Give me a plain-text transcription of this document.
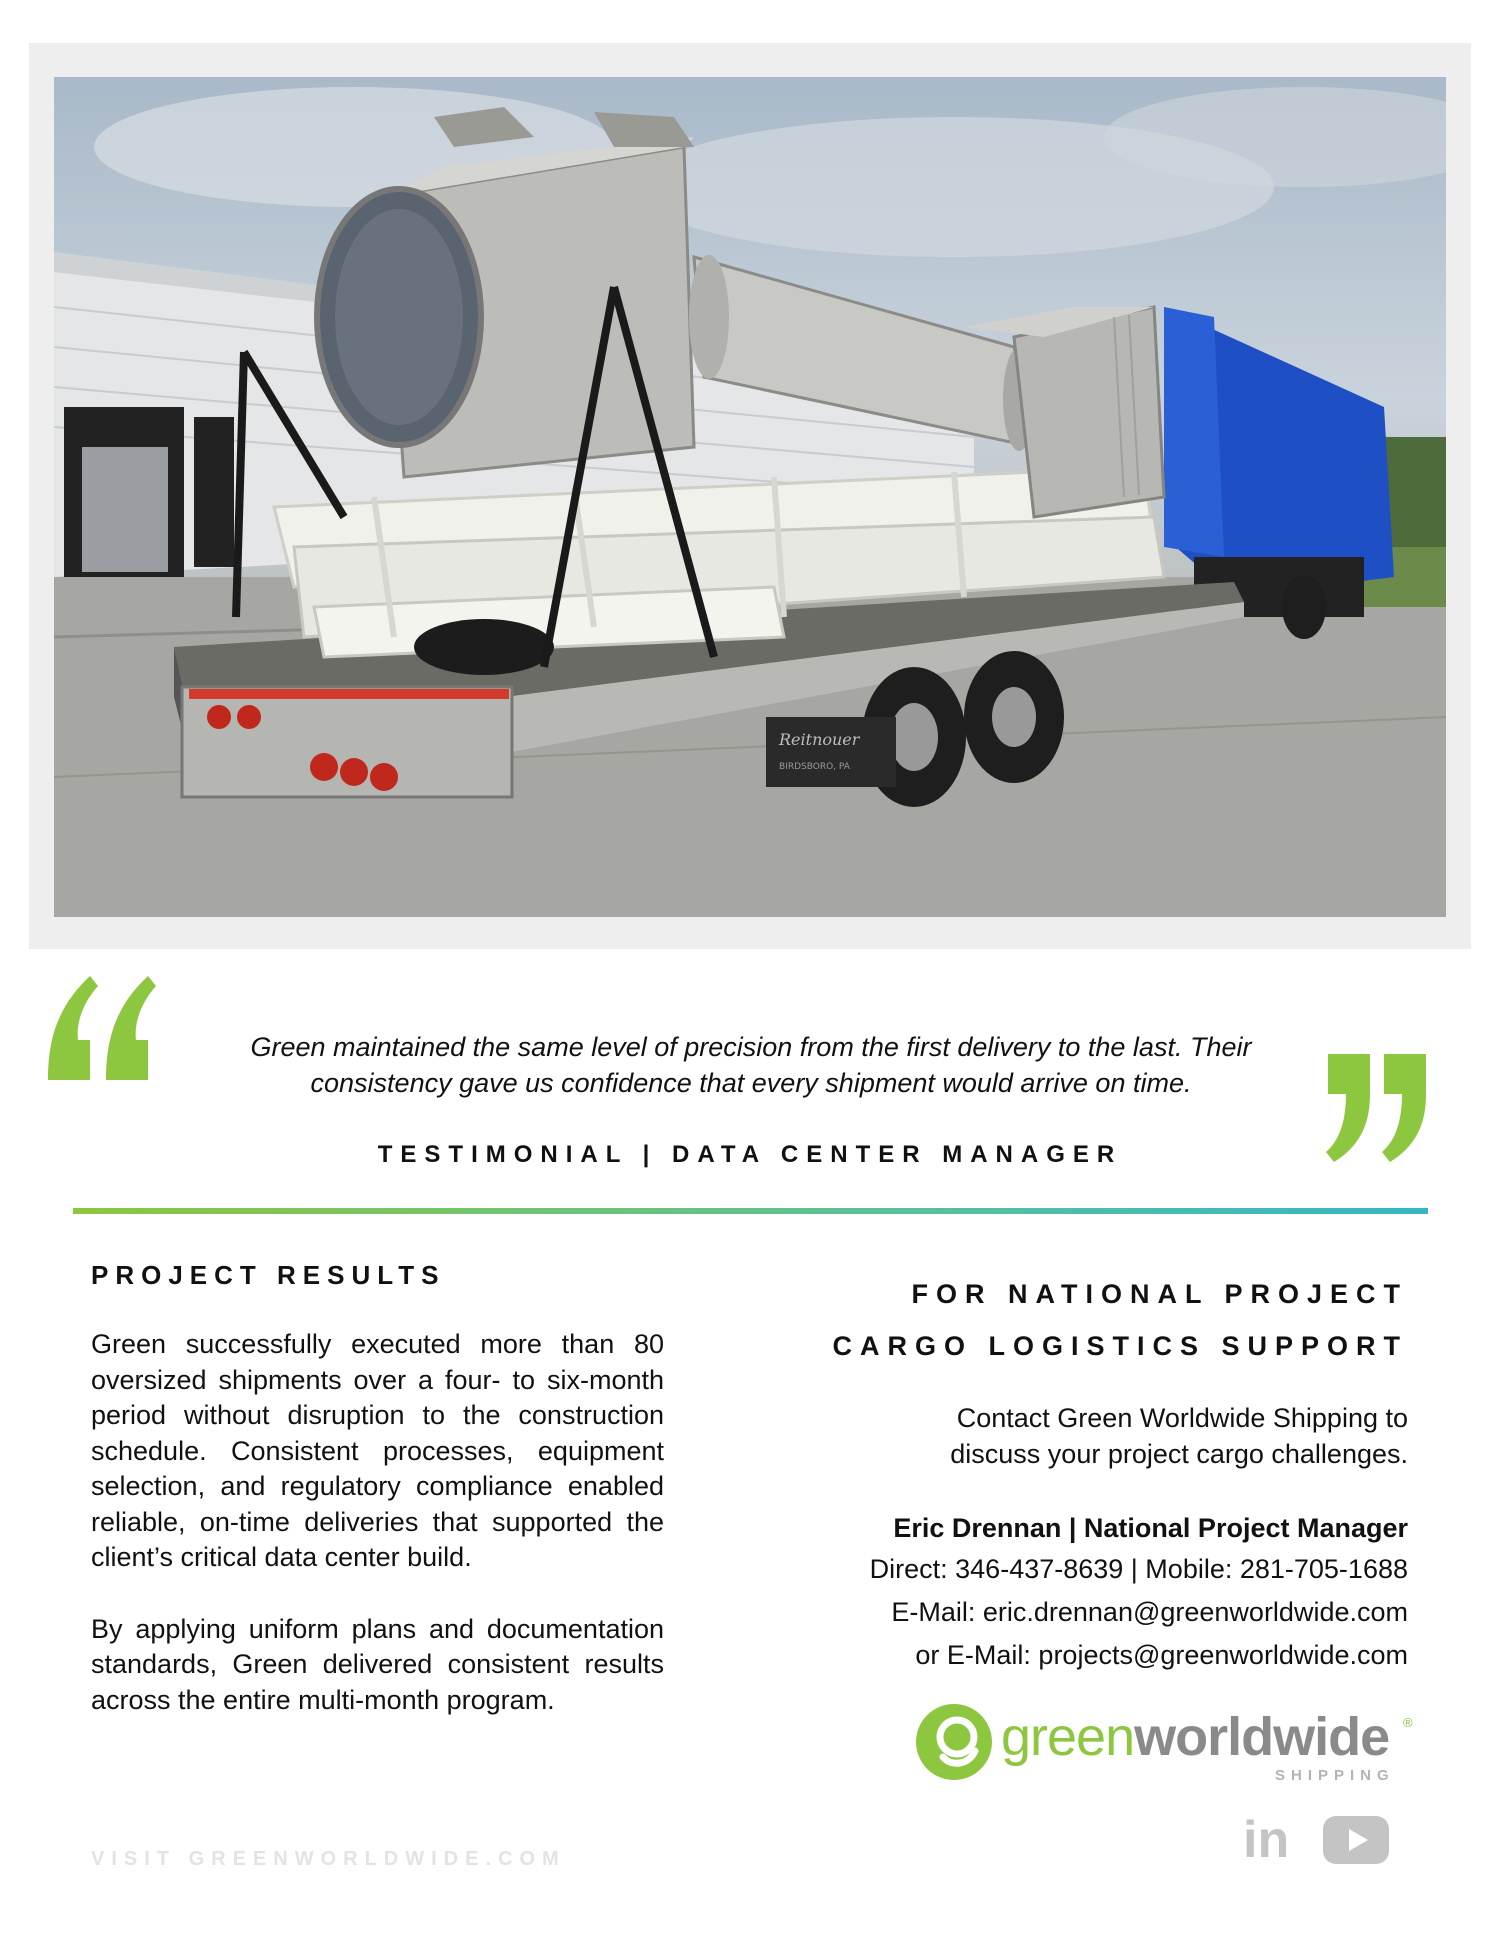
Reitnouer
BIRDSBORO, PA
Green maintained the same level of precision from the first delivery to the last. Their
consistency gave us confidence that every shipment would arrive on time.
TESTIMONIAL | DATA CENTER MANAGER
PROJECT RESULTS

Green successfully executed more than 80 oversized shipments over a four- to six-month period without disruption to the construction schedule. Consistent processes, equipment selection, and regulatory compliance enabled reliable, on-time deliveries that supported the client’s critical data center build.

By applying uniform plans and documentation standards, Green delivered consistent results across the entire multi-month program.

VISIT GREENWORLDWIDE.COM
FOR NATIONAL PROJECT
CARGO LOGISTICS SUPPORT
Contact Green Worldwide Shipping to
discuss your project cargo challenges.
Eric Drennan | National Project Manager
Direct: 346-437-8639 | Mobile: 281-705-1688
E-Mail: eric.drennan@greenworldwide.com
or E-Mail: projects@greenworldwide.com
greenworldwide ®
SHIPPING
in
